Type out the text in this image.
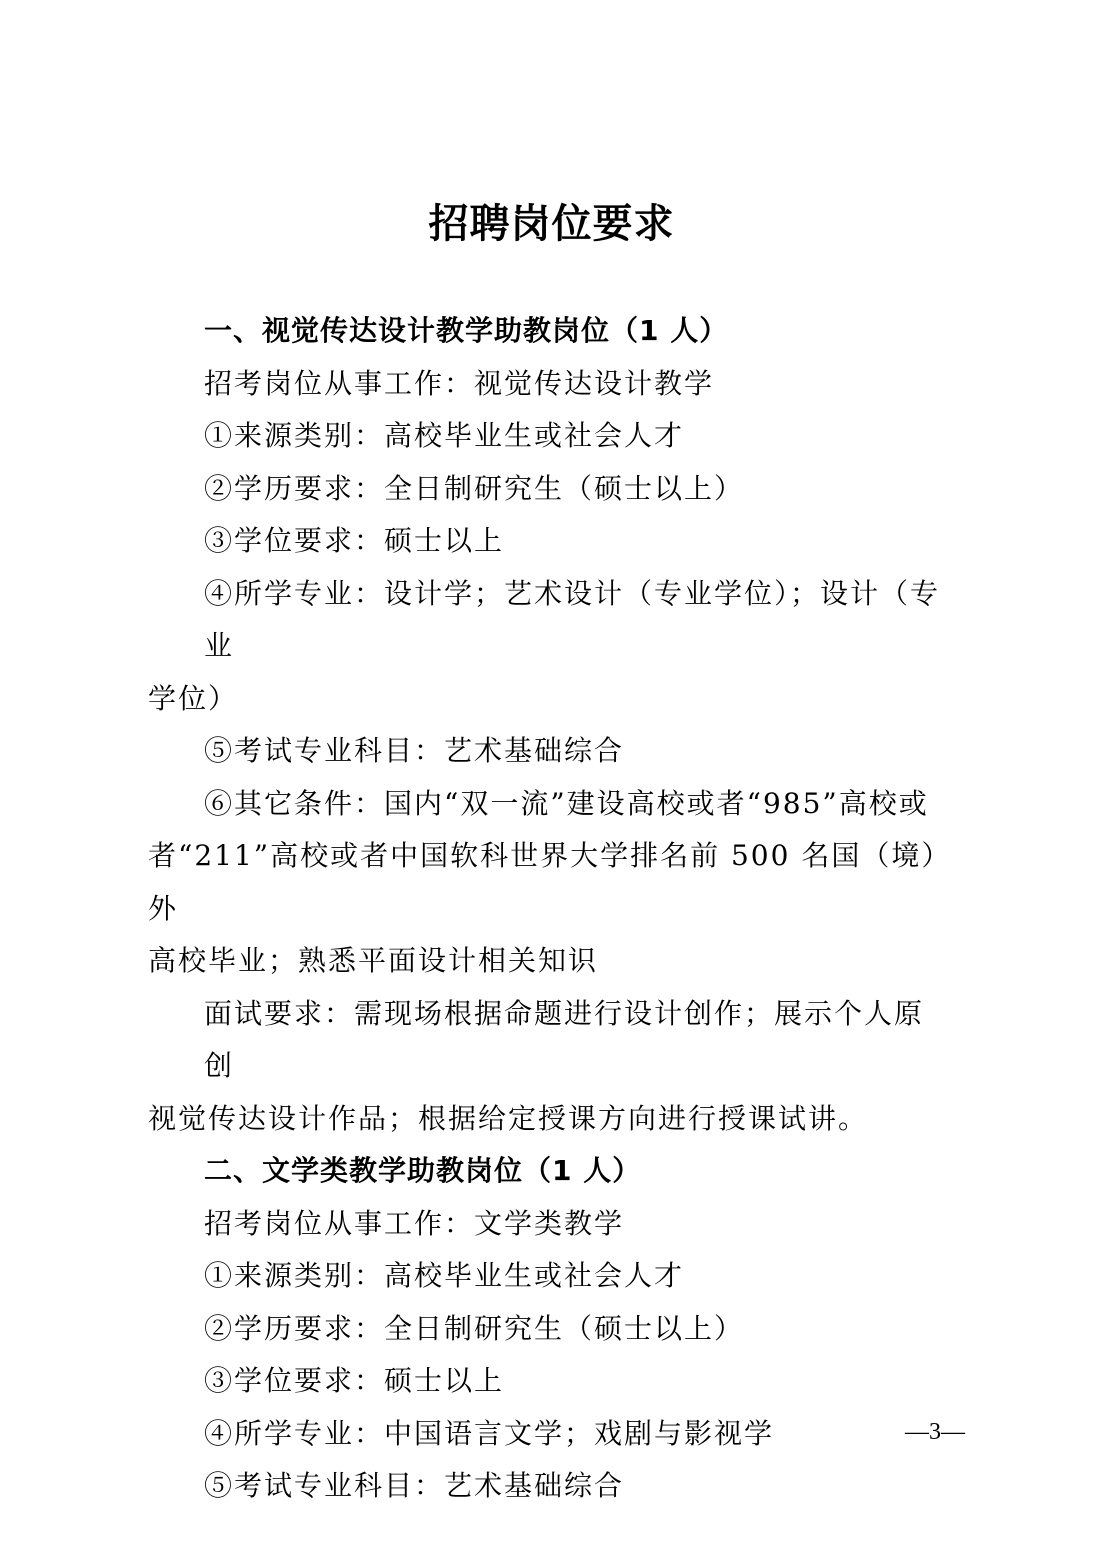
招聘岗位要求

一、视觉传达设计教学助教岗位（1 人）

招考岗位从事工作：视觉传达设计教学

①来源类别：高校毕业生或社会人才

②学历要求：全日制研究生（硕士以上）

③学位要求：硕士以上

④所学专业：设计学；艺术设计（专业学位）；设计（专业
学位）

⑤考试专业科目：艺术基础综合

⑥其它条件：国内“双一流”建设高校或者“985”高校或
者“211”高校或者中国软科世界大学排名前 500 名国（境）外
高校毕业；熟悉平面设计相关知识
面试要求：需现场根据命题进行设计创作；展示个人原创
视觉传达设计作品；根据给定授课方向进行授课试讲。

二、文学类教学助教岗位（1 人）

招考岗位从事工作：文学类教学

①来源类别：高校毕业生或社会人才

②学历要求：全日制研究生（硕士以上）

③学位要求：硕士以上

④所学专业：中国语言文学；戏剧与影视学

⑤考试专业科目：艺术基础综合

—3—
